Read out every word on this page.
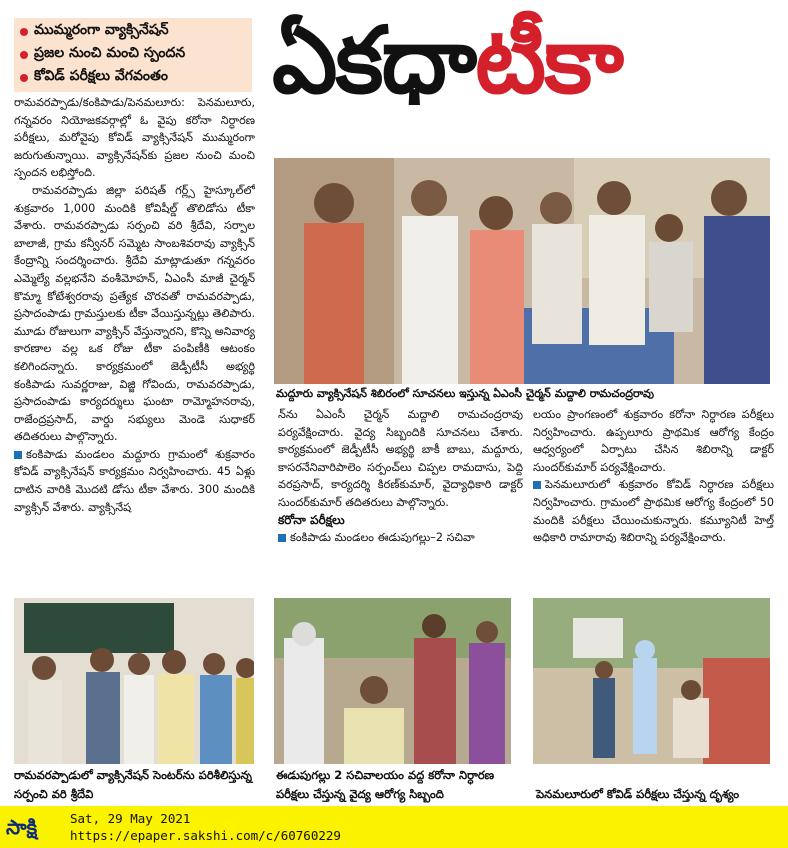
ముమ్మరంగా వ్యాక్సినేషన్
ప్రజల నుంచి మంచి స్పందన
కోవిడ్ పరీక్షలు వేగవంతం ఏకధా టీకా

రామవరప్పాడు/కంకిపాడు/పెనమలూరు: పెనమలూరు, గన్నవరం నియోజకవర్గాల్లో ఓ వైపు కరోనా నిర్ధారణ పరీక్షలు, మరోవైపు కోవిడ్ వ్యాక్సినేషన్ ముమ్మరంగా జరుగుతున్నాయి. వ్యాక్సినేషన్‌కు ప్రజల నుంచి మంచి స్పందన లభిస్తోంది.

రామవరప్పాడు జిల్లా పరిషత్ గర్ల్స్ హైస్కూల్‌లో శుక్రవారం 1,000 మందికి కోవిషీల్డ్ తొలిడోసు టీకా వేశారు. రామవరప్పాడు సర్పంచి వరి శ్రీదేవి, సర్పాల బాలాజీ, గ్రామ కన్వీనర్ సమ్మెట సాంబశివరావు వ్యాక్సిన్ కేంద్రాన్ని సందర్శించారు. శ్రీదేవి మాట్లాడుతూ గన్నవరం ఎమ్మెల్యే వల్లభనేని వంశీమోహన్, ఏఎంసీ మాజీ చైర్మన్ కొమ్మా కోటేశ్వరరావు ప్రత్యేక చొరవతో రామవరప్పాడు, ప్రసాదంపాడు గ్రామస్తులకు టీకా వేయిస్తున్నట్లు తెలిపారు. మూడు రోజులుగా వ్యాక్సిన్ వేస్తున్నారని, కొన్ని అనివార్య కారణాల వల్ల ఒక రోజు టీకా పంపిణీకి ఆటంకం కలిగిందన్నారు. కార్యక్రమంలో జెడ్పీటీసీ అభ్యర్థి కంకిపాడు సువర్ణరాజు, విజ్జి గోవిందు, రామవరప్పాడు, ప్రసాదంపాడు కార్యదర్శులు ఘంటా రామ్మోహనరావు, రాజేంద్రప్రసాద్, వార్డు సభ్యులు మెండె సుధాకర్ తదితరులు పాల్గొన్నారు.

కంకిపాడు మండలం మద్దూరు గ్రామంలో శుక్రవారం కోవిడ్ వ్యాక్సినేషన్ కార్యక్రమం నిర్వహించారు. 45 ఏళ్లు దాటిన వారికి మొదటి డోసు టీకా వేశారు. 300 మందికి వ్యాక్సిన్ వేశారు. వ్యాక్సినేష

మద్దూరు వ్యాక్సినేషన్ శిబిరంలో సూచనలు ఇస్తున్న ఏఎంసీ చైర్మన్ మద్దాలి రామచంద్రరావు

న్‌ను ఏఎంసీ చైర్మన్ మద్దాలి రామచంద్రరావు పర్యవేక్షించారు. వైద్య సిబ్బందికి సూచనలు చేశారు. కార్యక్రమంలో జెడ్పీటీసీ అభ్యర్థి బాకీ బాబు, మద్దూరు, కాసరనేనివారిపాలెం సర్పంచ్‌లు చిప్పల రామదాసు, పెద్ది వరప్రసాద్, కార్యదర్శి కిరణ్‌కుమార్, వైద్యాధికారి డాక్టర్ సుందర్‌కుమార్ తదితరులు పాల్గొన్నారు.

కరోనా పరీక్షలు

కంకిపాడు మండలం ఈడుపుగల్లు–2 సచివా

లయం ప్రాంగణంలో శుక్రవారం కరోనా నిర్ధారణ పరీక్షలు నిర్వహించారు. ఉప్పలూరు ప్రాథమిక ఆరోగ్య కేంద్రం ఆధ్వర్యంలో ఏర్పాటు చేసిన శిబిరాన్ని డాక్టర్ సుందర్‌కుమార్ పర్యవేక్షించారు.

పెనమలూరులో శుక్రవారం కోవిడ్ నిర్ధారణ పరీక్షలు నిర్వహించారు. గ్రామంలో ప్రాథమిక ఆరోగ్య కేంద్రంలో 50 మందికి పరీక్షలు చేయించుకున్నారు. కమ్యూనిటీ హెల్త్ అధికారి రామారావు శిబిరాన్ని పర్యవేక్షించారు.

రామవరప్పాడులో వ్యాక్సినేషన్ సెంటర్‌ను పరిశీలిస్తున్న సర్పంచి వరి శ్రీదేవి
ఈడుపుగల్లు 2 సచివాలయం వద్ద కరోనా నిర్ధారణ పరీక్షలు చేస్తున్న వైద్య ఆరోగ్య సిబ్బంది	పెనమలూరులో కోవిడ్ పరీక్షలు చేస్తున్న దృశ్యం
సాక్షి	Sat, 29 May 2021
https://epaper.sakshi.com/c/60760229
